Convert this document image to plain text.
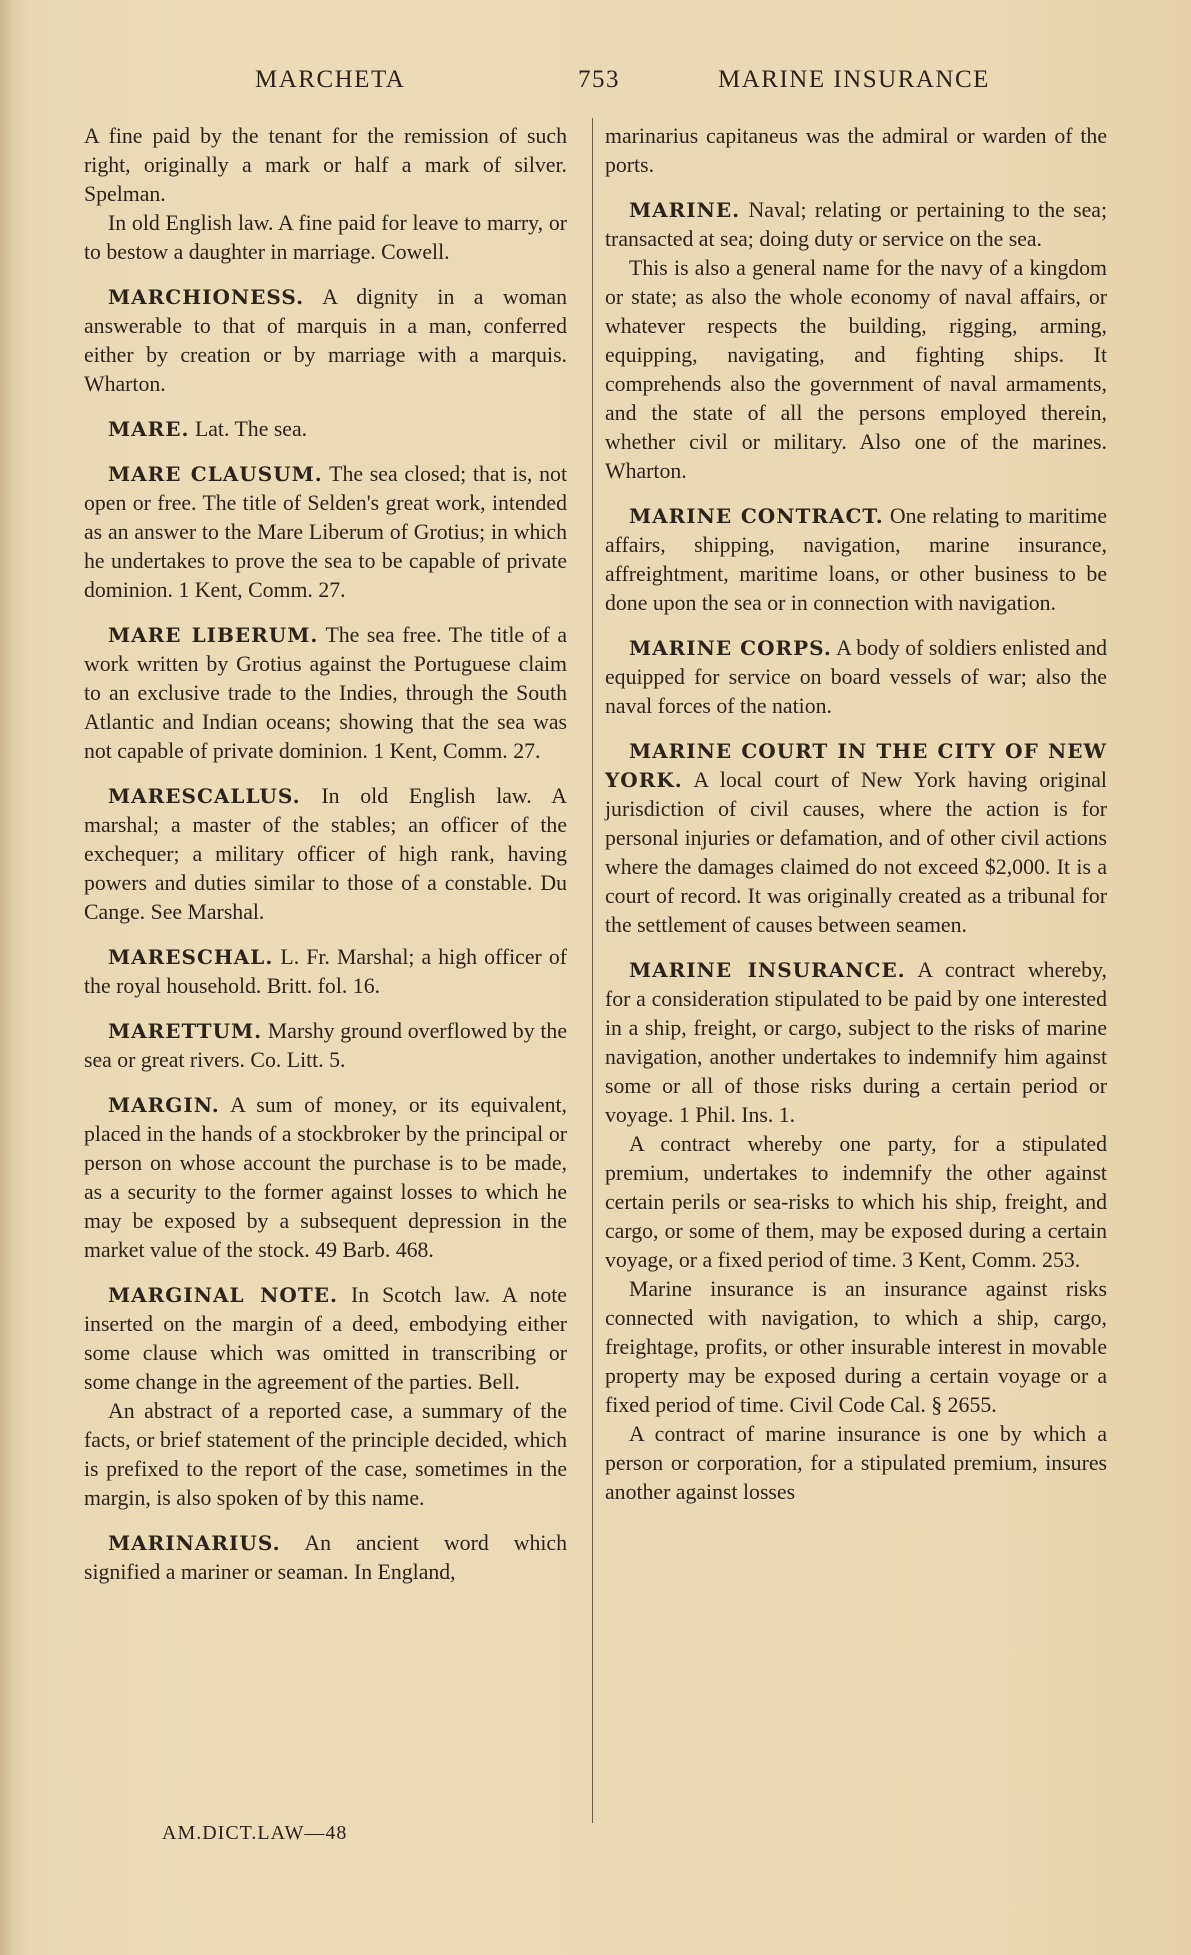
MARCHETA	753	MARINE INSURANCE

A fine paid by the tenant for the remission of such right, originally a mark or half a mark of silver. Spelman.

In old English law. A fine paid for leave to marry, or to bestow a daughter in marriage. Cowell.

MARCHIONESS. A dignity in a woman answerable to that of marquis in a man, conferred either by creation or by marriage with a marquis. Wharton.

MARE. Lat. The sea.

MARE CLAUSUM. The sea closed; that is, not open or free. The title of Selden's great work, intended as an answer to the Mare Liberum of Grotius; in which he undertakes to prove the sea to be capable of private dominion. 1 Kent, Comm. 27.

MARE LIBERUM. The sea free. The title of a work written by Grotius against the Portuguese claim to an exclusive trade to the Indies, through the South Atlantic and Indian oceans; showing that the sea was not capable of private dominion. 1 Kent, Comm. 27.

MARESCALLUS. In old English law. A marshal; a master of the stables; an officer of the exchequer; a military officer of high rank, having powers and duties similar to those of a constable. Du Cange. See Marshal.

MARESCHAL. L. Fr. Marshal; a high officer of the royal household. Britt. fol. 16.

MARETTUM. Marshy ground overflowed by the sea or great rivers. Co. Litt. 5.

MARGIN. A sum of money, or its equivalent, placed in the hands of a stockbroker by the principal or person on whose account the purchase is to be made, as a security to the former against losses to which he may be exposed by a subsequent depression in the market value of the stock. 49 Barb. 468.

MARGINAL NOTE. In Scotch law. A note inserted on the margin of a deed, embodying either some clause which was omitted in transcribing or some change in the agreement of the parties. Bell.

An abstract of a reported case, a summary of the facts, or brief statement of the principle decided, which is prefixed to the report of the case, sometimes in the margin, is also spoken of by this name.

MARINARIUS. An ancient word which signified a mariner or seaman. In England,

marinarius capitaneus was the admiral or warden of the ports.

MARINE. Naval; relating or pertaining to the sea; transacted at sea; doing duty or service on the sea.

This is also a general name for the navy of a kingdom or state; as also the whole economy of naval affairs, or whatever respects the building, rigging, arming, equipping, navigating, and fighting ships. It comprehends also the government of naval armaments, and the state of all the persons employed therein, whether civil or military. Also one of the marines. Wharton.

MARINE CONTRACT. One relating to maritime affairs, shipping, navigation, marine insurance, affreightment, maritime loans, or other business to be done upon the sea or in connection with navigation.

MARINE CORPS. A body of soldiers enlisted and equipped for service on board vessels of war; also the naval forces of the nation.

MARINE COURT IN THE CITY OF NEW YORK. A local court of New York having original jurisdiction of civil causes, where the action is for personal injuries or defamation, and of other civil actions where the damages claimed do not exceed $2,000. It is a court of record. It was originally created as a tribunal for the settlement of causes between seamen.

MARINE INSURANCE. A contract whereby, for a consideration stipulated to be paid by one interested in a ship, freight, or cargo, subject to the risks of marine navigation, another undertakes to indemnify him against some or all of those risks during a certain period or voyage. 1 Phil. Ins. 1.

A contract whereby one party, for a stipulated premium, undertakes to indemnify the other against certain perils or sea-risks to which his ship, freight, and cargo, or some of them, may be exposed during a certain voyage, or a fixed period of time. 3 Kent, Comm. 253.

Marine insurance is an insurance against risks connected with navigation, to which a ship, cargo, freightage, profits, or other insurable interest in movable property may be exposed during a certain voyage or a fixed period of time. Civil Code Cal. § 2655.

A contract of marine insurance is one by which a person or corporation, for a stipulated premium, insures another against losses

AM.DICT.LAW—48
